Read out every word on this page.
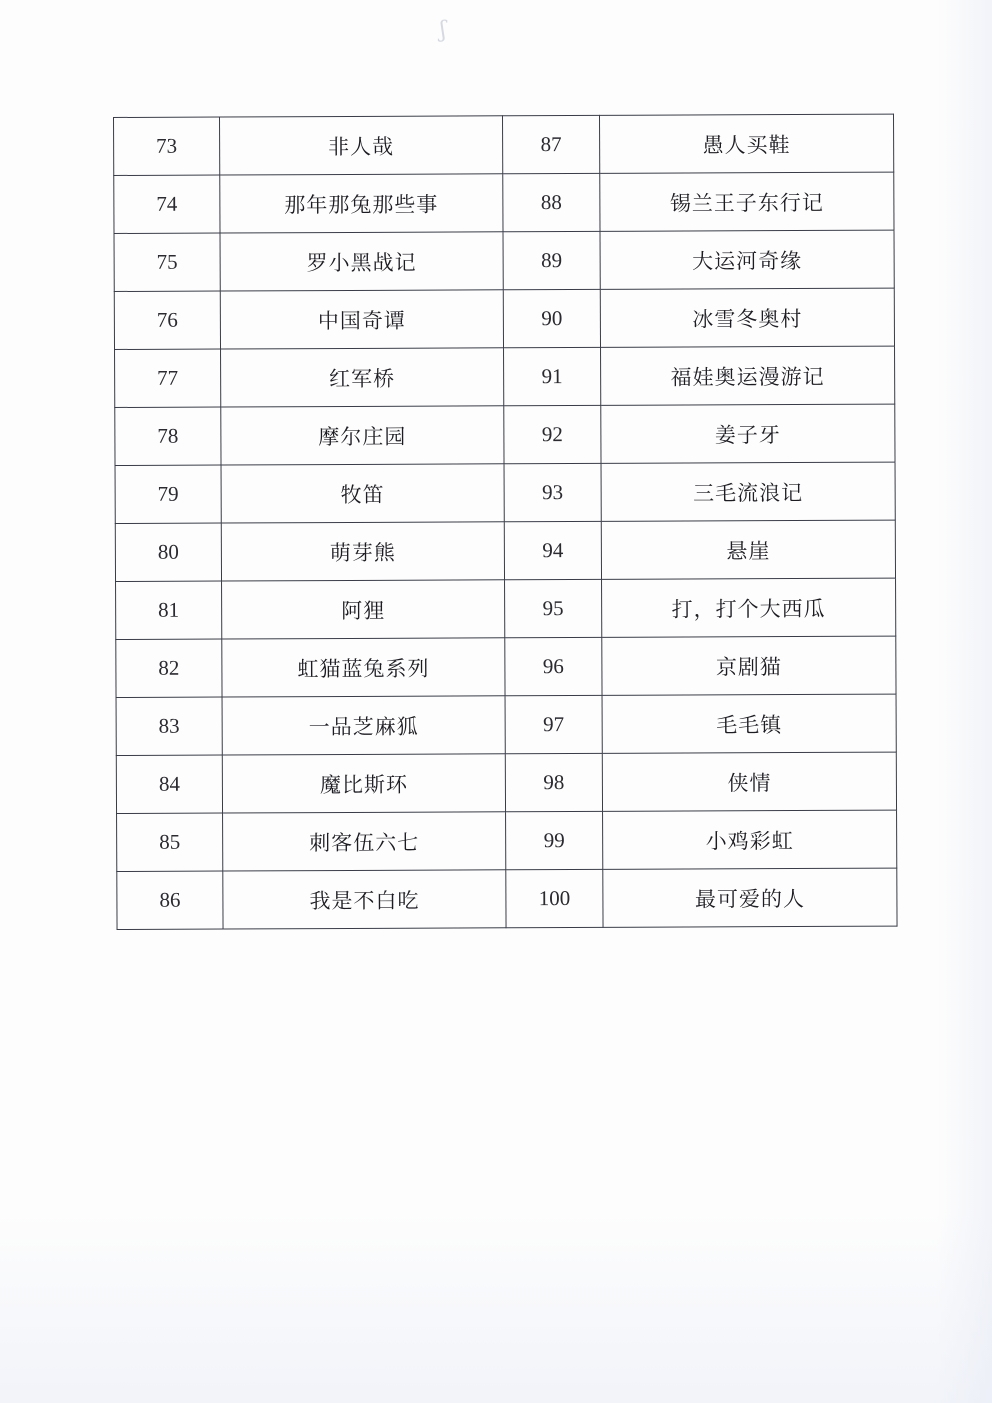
ʃ
73	非人哉	87	愚人买鞋
74	那年那兔那些事	88	锡兰王子东行记
75	罗小黑战记	89	大运河奇缘
76	中国奇谭	90	冰雪冬奥村
77	红军桥	91	福娃奥运漫游记
78	摩尔庄园	92	姜子牙
79	牧笛	93	三毛流浪记
80	萌芽熊	94	悬崖
81	阿狸	95	打，打个大西瓜
82	虹猫蓝兔系列	96	京剧猫
83	一品芝麻狐	97	毛毛镇
84	魔比斯环	98	侠情
85	刺客伍六七	99	小鸡彩虹
86	我是不白吃	100	最可爱的人
